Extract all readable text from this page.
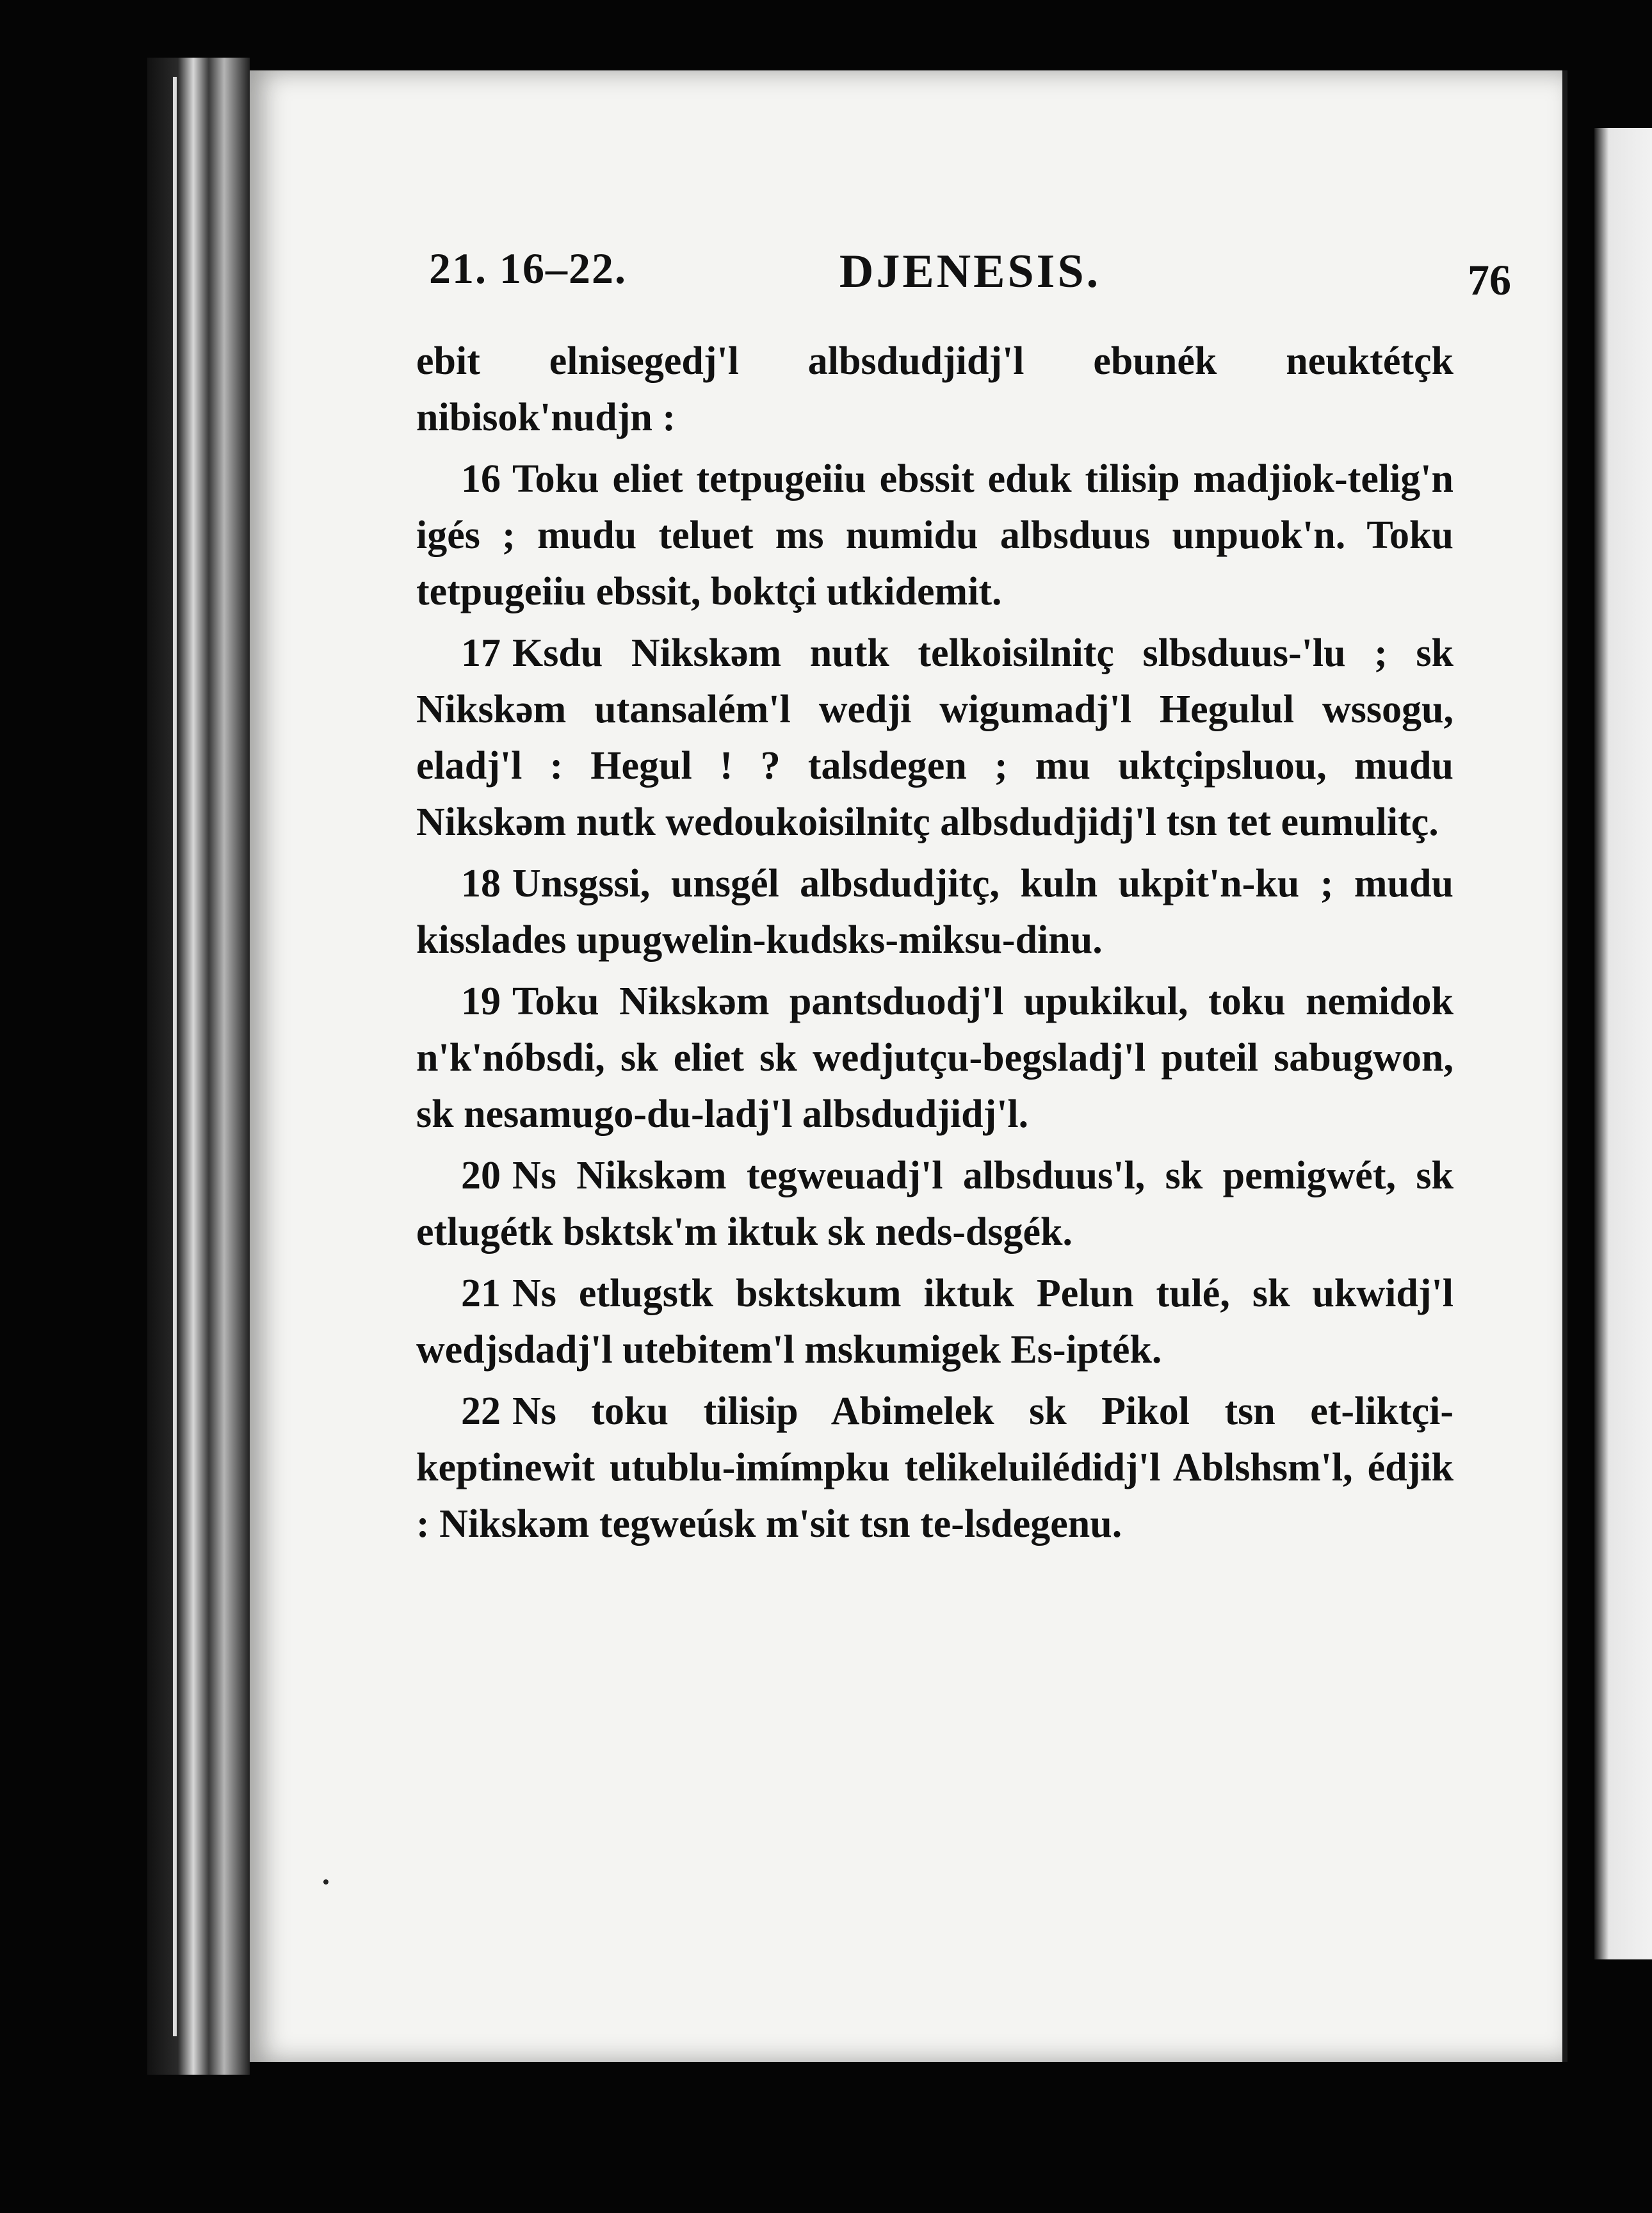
21. 16–22.	DJENESIS.	76

ebit elnisegedj'l albsdudjidj'l ebunék neuktétçk nibisok'nudjn :

16 Toku eliet tetpugeiiu ebssit eduk tilisip madjiok-telig'n igés ; mudu teluet ms numidu albsduus unpuok'n. Toku tetpugeiiu ebssit, boktçi utkidemit.

17 Ksdu Nikskəm nutk telkoisilnitç slbsduus-'lu ; sk Nikskəm utansalém'l wedji wigumadj'l Hegulul wssogu, eladj'l : Hegul ! ? talsdegen ; mu uktçipsluou, mudu Nikskəm nutk wedoukoisilnitç albsdudjidj'l tsn tet eumulitç.

18 Unsgssi, unsgél albsdudjitç, kuln ukpit'n-ku ; mudu kisslades upugwelin-kudsks-miksu-dinu.

19 Toku Nikskəm pantsduodj'l upukikul, toku nemidok n'k'nóbsdi, sk eliet sk wedjutçu-begsladj'l puteil sabugwon, sk nesamugo-du-ladj'l albsdudjidj'l.

20 Ns Nikskəm tegweuadj'l albsduus'l, sk pemigwét, sk etlugétk bsktsk'm iktuk sk neds-dsgék.

21 Ns etlugstk bsktskum iktuk Pelun tulé, sk ukwidj'l wedjsdadj'l utebitem'l mskumigek Es-ipték.

22 Ns toku tilisip Abimelek sk Pikol tsn et-liktçi-keptinewit utublu-imímpku telikeluilédidj'l Ablshsm'l, édjik : Nikskəm tegweúsk m'sit tsn te-lsdegenu.
